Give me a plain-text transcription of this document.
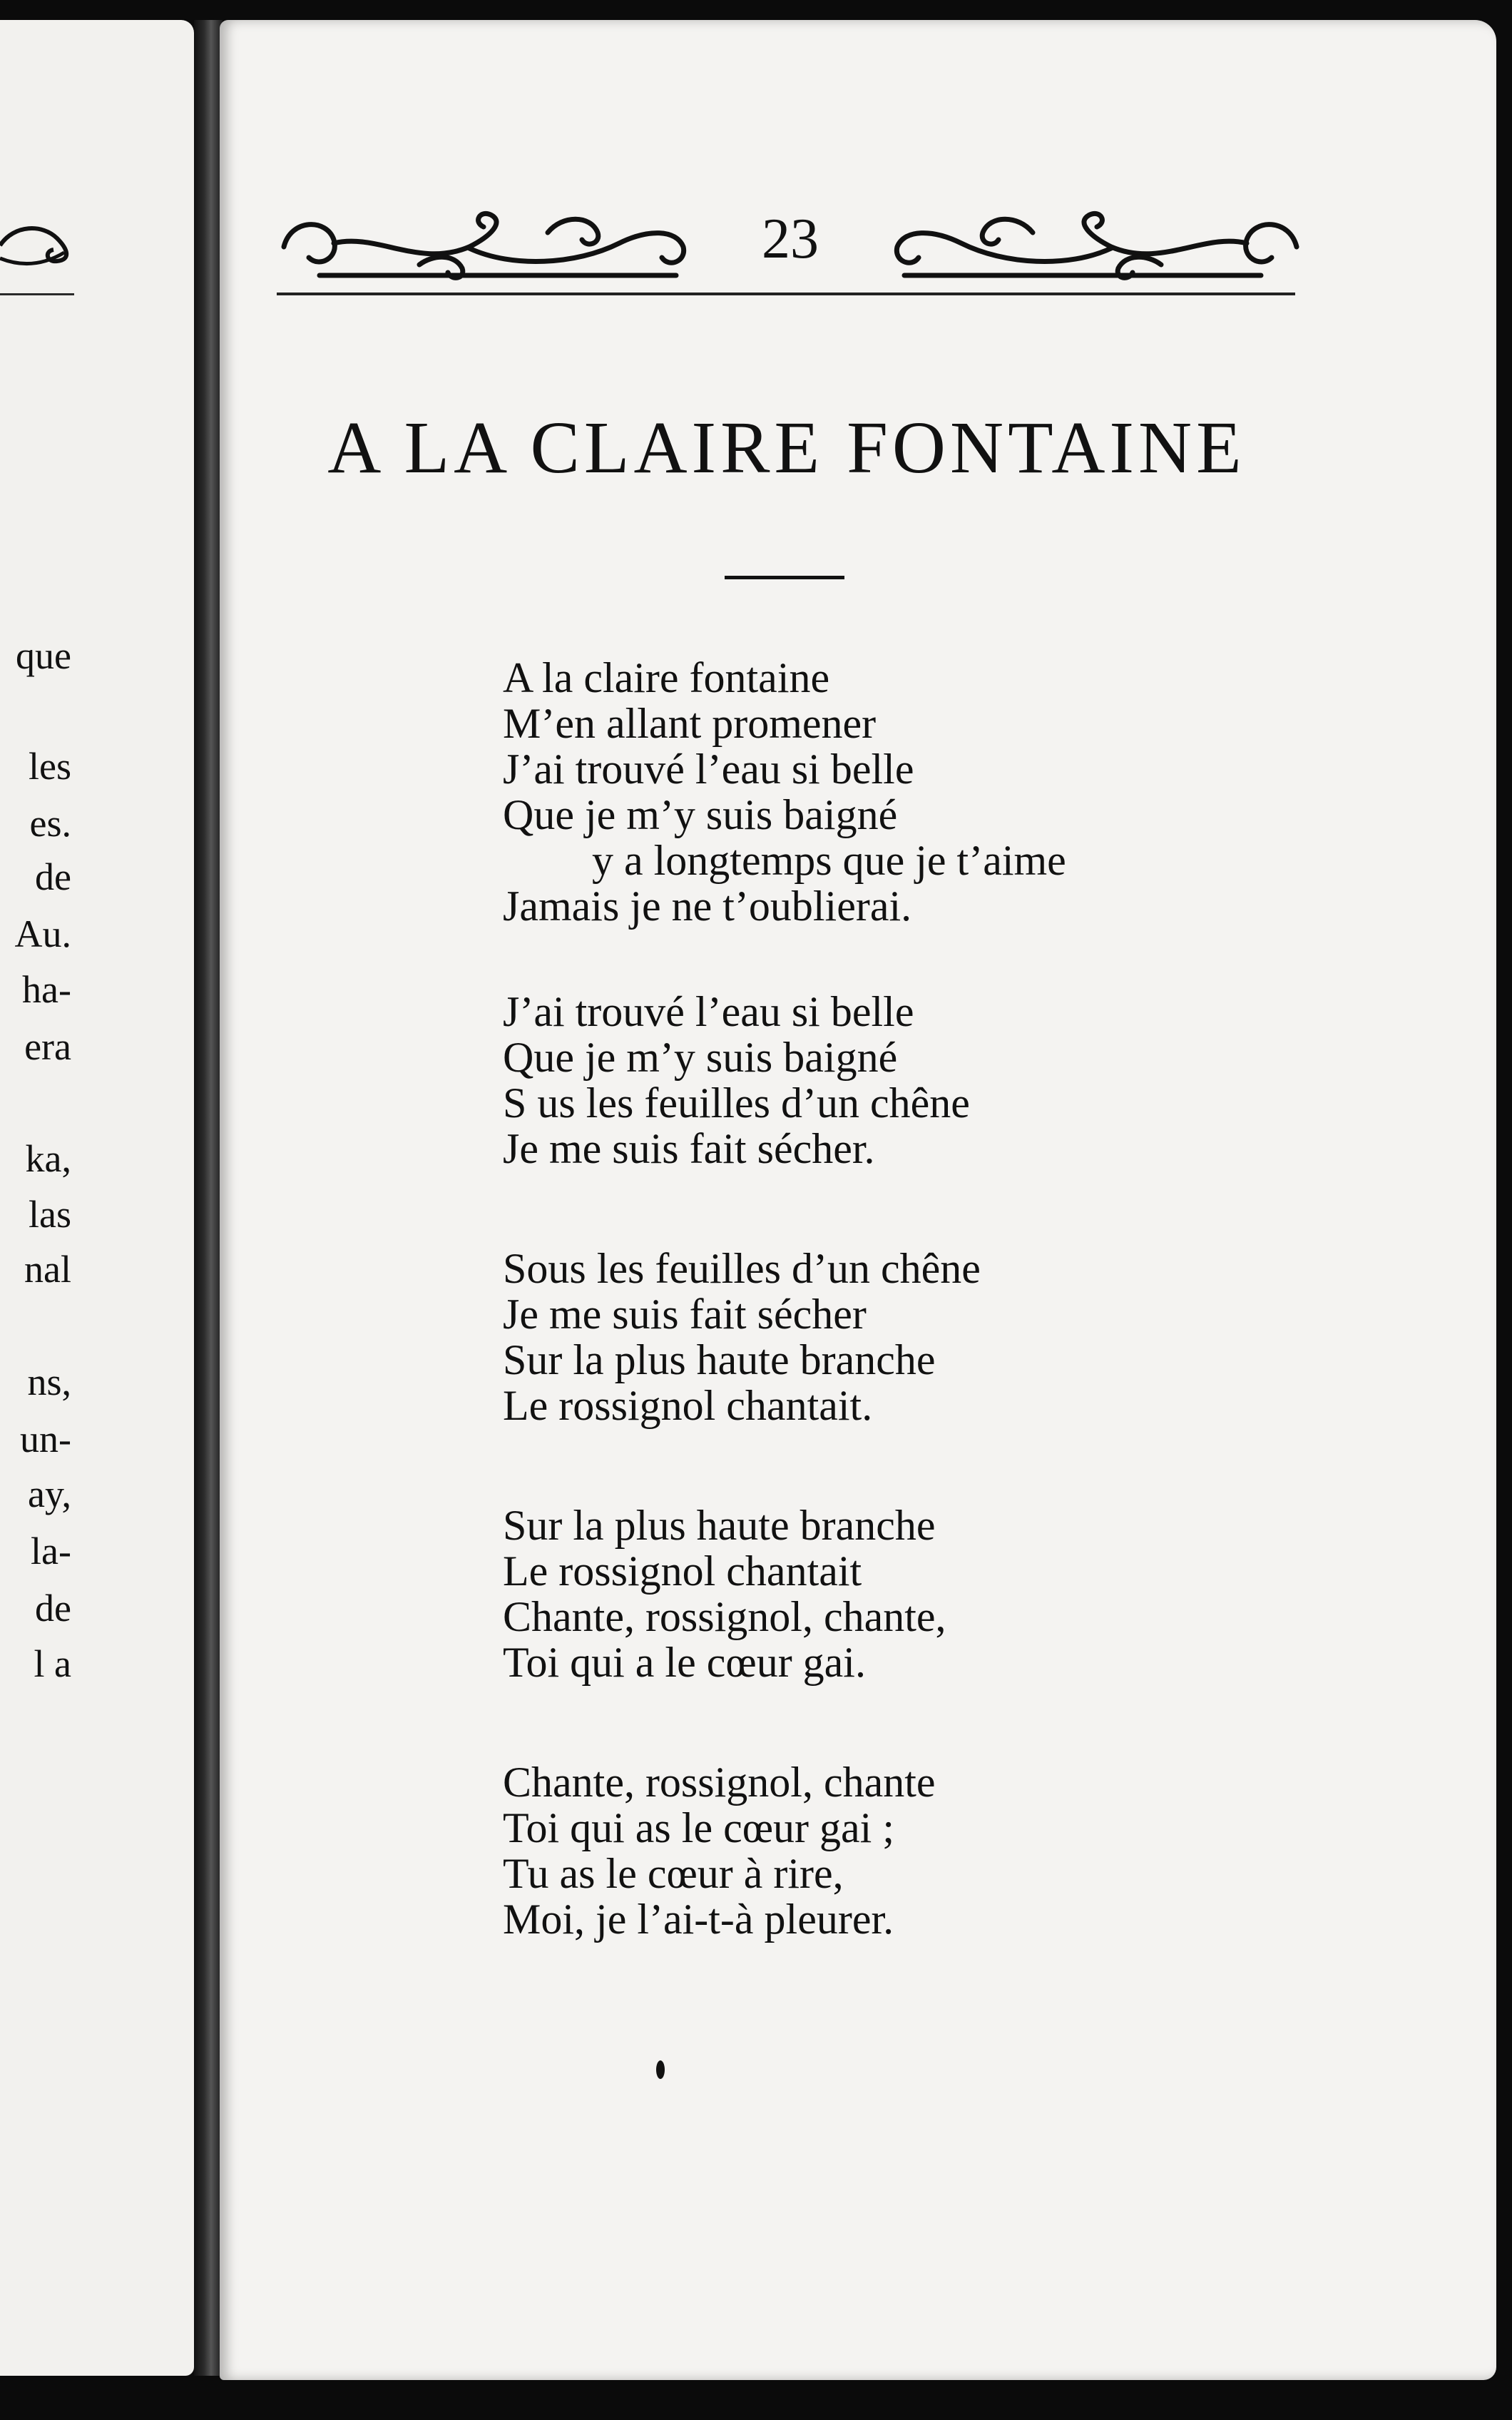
que
les
es.
de
Au.
ha-
era
ka,
las
nal
ns,
un-
ay,
la-
de
l a
23
A LA CLAIRE FONTAINE
A la claire fontaine
M’en allant promener
J’ai trouvé l’eau si belle
Que je m’y suis baigné
y a longtemps que je t’aime
Jamais je ne t’oublierai.
J’ai trouvé l’eau si belle
Que je m’y suis baigné
S us les feuilles d’un chêne
Je me suis fait sécher.
Sous les feuilles d’un chêne
Je me suis fait sécher
Sur la plus haute branche
Le rossignol chantait.
Sur la plus haute branche
Le rossignol chantait
Chante, rossignol, chante,
Toi qui a le cœur gai.
Chante, rossignol, chante
Toi qui as le cœur gai ;
Tu as le cœur à rire,
Moi, je l’ai-t-à pleurer.
